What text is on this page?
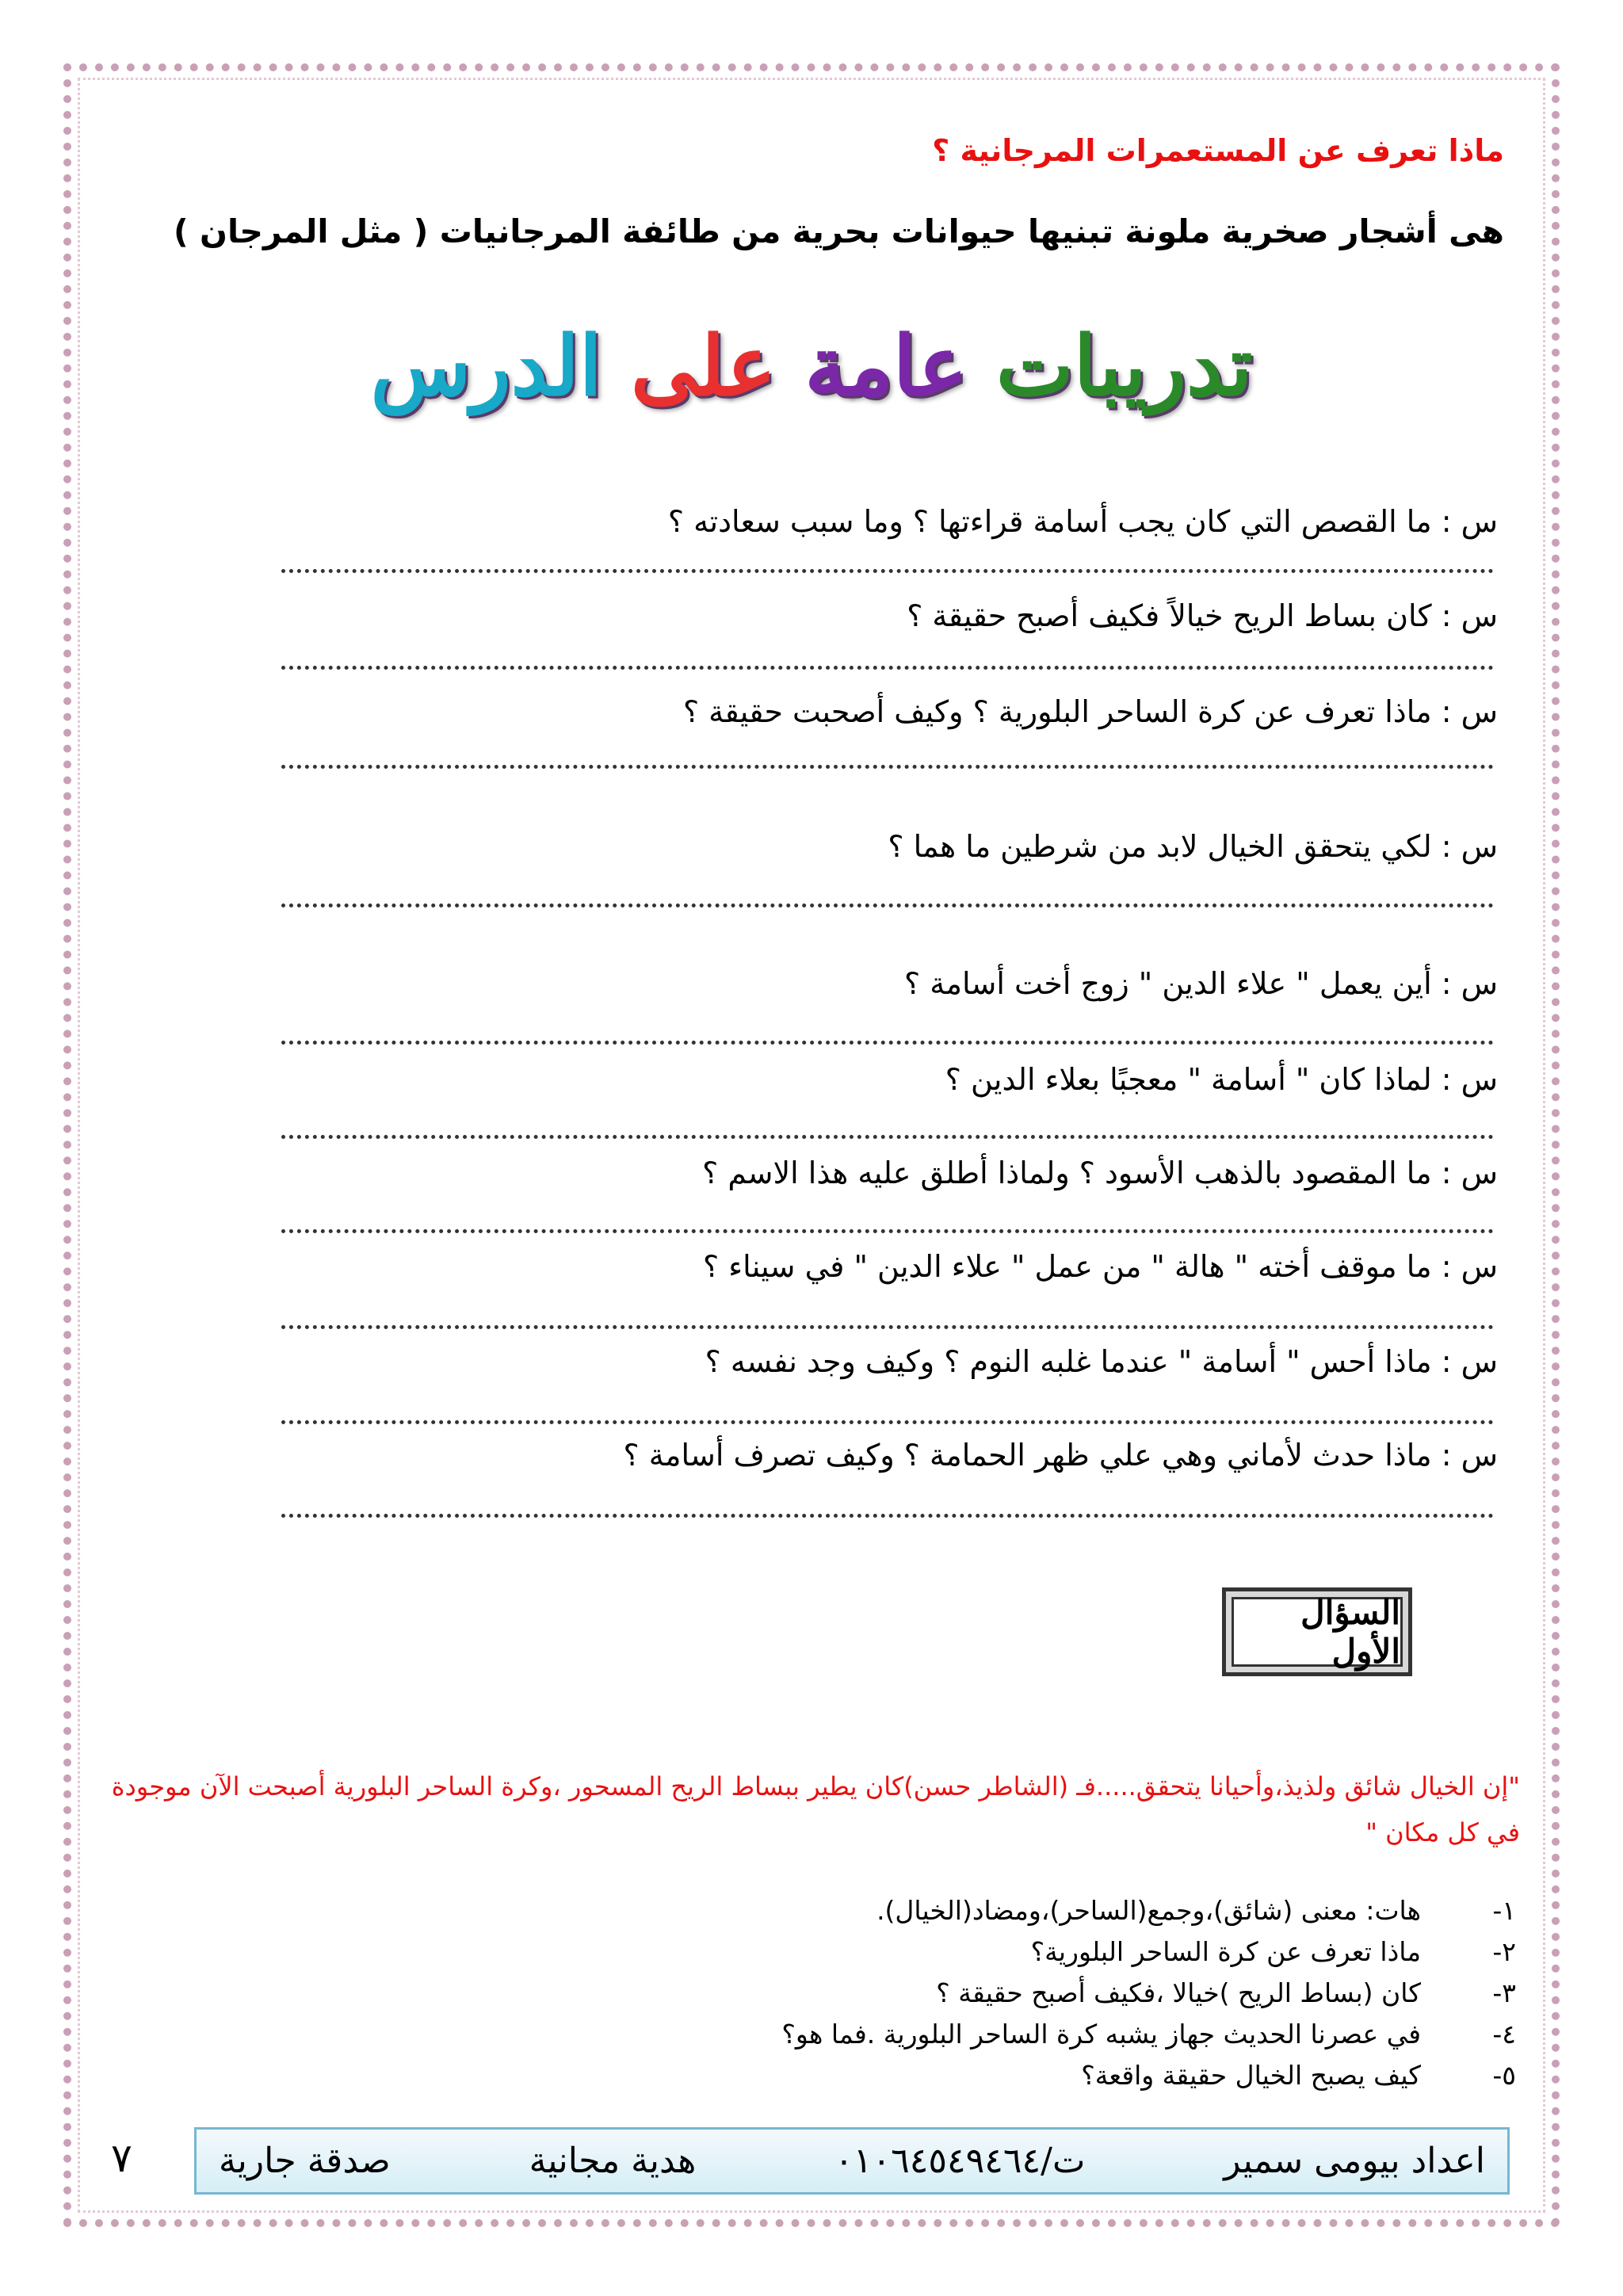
ماذا تعرف عن المستعمرات المرجانية ؟
هى أشجار صخرية ملونة تبنيها حيوانات بحرية من طائفة المرجانيات ( مثل المرجان )
تدريبات عامة على الدرس
س : ما القصص التي كان يجب أسامة قراءتها ؟ وما سبب سعادته ؟
س : كان بساط الريح خيالاً فكيف أصبح حقيقة ؟
س : ماذا تعرف عن كرة الساحر البلورية ؟ وكيف أصحبت حقيقة ؟
س : لكي يتحقق الخيال لابد من شرطين ما هما ؟
س : أين يعمل " علاء الدين " زوج أخت أسامة ؟
س : لماذا كان " أسامة " معجبًا بعلاء الدين ؟
س : ما المقصود بالذهب الأسود ؟ ولماذا أطلق عليه هذا الاسم ؟
س : ما موقف أخته " هالة " من عمل " علاء الدين " في سيناء ؟
س : ماذا أحس " أسامة " عندما غلبه النوم ؟ وكيف وجد نفسه ؟
س : ماذا حدث لأماني وهي علي ظهر الحمامة ؟ وكيف تصرف أسامة ؟
السؤال الأول
"إن الخيال شائق ولذيذ،وأحيانا يتحقق.....فـ (الشاطر حسن)كان يطير ببساط الريح المسحور ،وكرة الساحر البلورية أصبحت الآن موجودة في كل مكان "
١-
هات: معنى (شائق)،وجمع(الساحر)،ومضاد(الخيال).
٢-
ماذا تعرف عن كرة الساحر البلورية؟
٣-
كان (بساط الريح )خيالا ،فكيف أصبح حقيقة ؟
٤-
في عصرنا الحديث جهاز يشبه كرة الساحر البلورية .فما هو؟
٥-
كيف يصبح الخيال حقيقة واقعة؟
اعداد بيومى سمير
ت/٠١٠٦٤٥٤٩٤٦٤
هدية مجانية
صدقة جارية
٧
